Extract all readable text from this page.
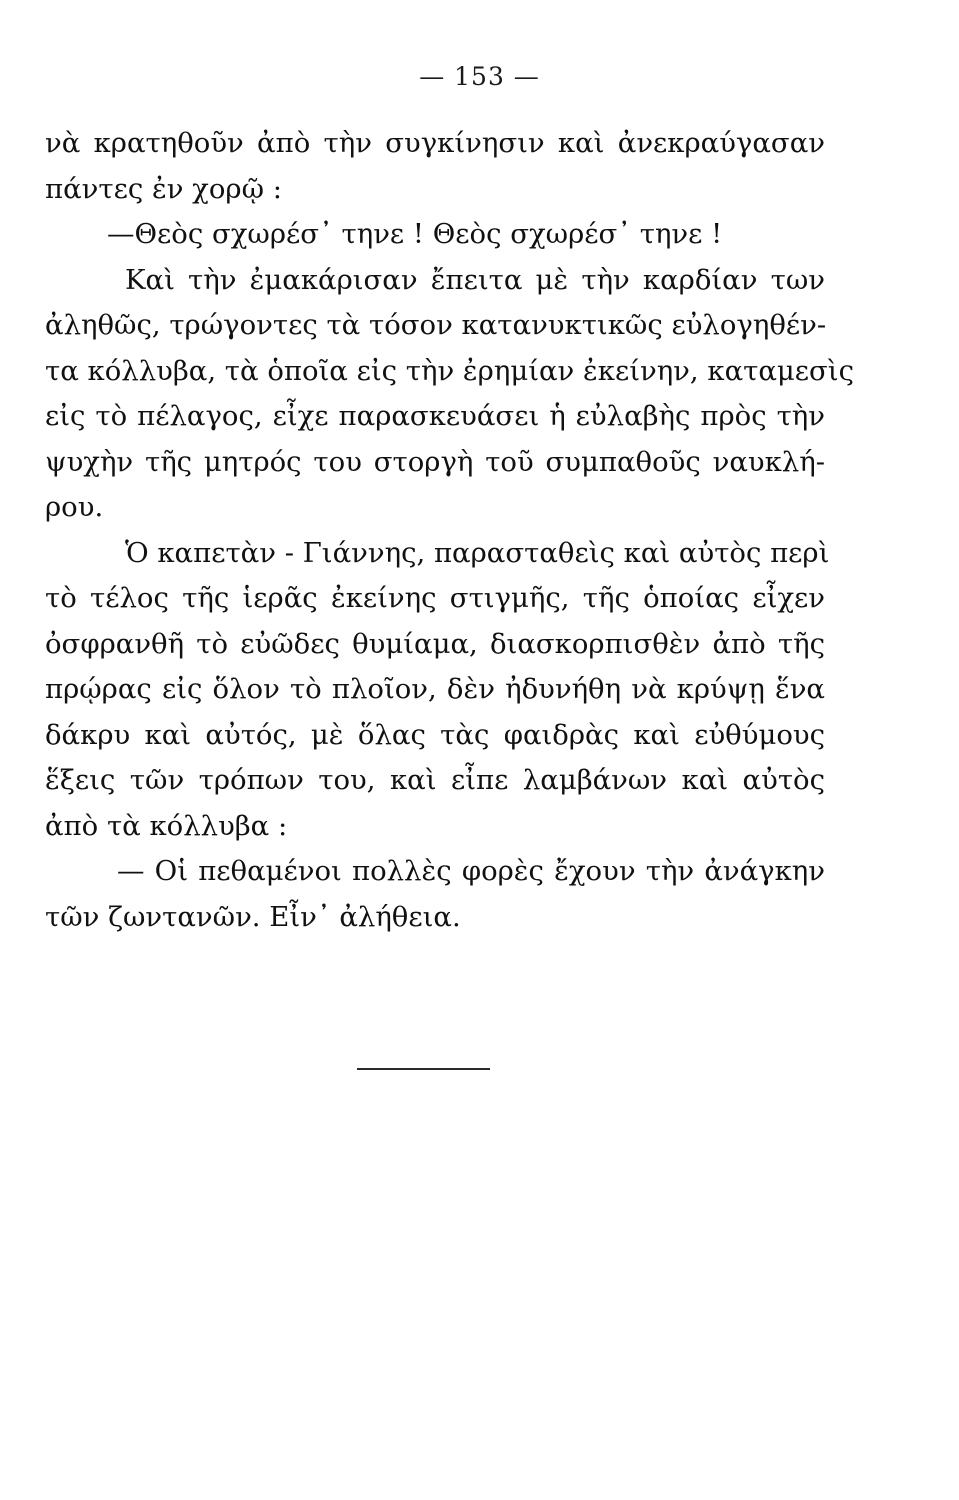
— 153 —
νὰ κρατηθοῦν ἀπὸ τὴν συγκίνησιν καὶ ἀνεκραύγασαν
πάντες ἐν χορῷ :
—Θεὸς σχωρέσ᾽ τηνε ! Θεὸς σχωρέσ᾽ τηνε !
Καὶ τὴν ἐμακάρισαν ἔπειτα μὲ τὴν καρδίαν των
ἀληθῶς, τρώγοντες τὰ τόσον κατανυκτικῶς εὐλογηθέν-
τα κόλλυβα, τὰ ὁποῖα εἰς τὴν ἐρημίαν ἐκείνην, καταμεσὶς
εἰς τὸ πέλαγος, εἶχε παρασκευάσει ἡ εὐλαβὴς πρὸς τὴν
ψυχὴν τῆς μητρός του στοργὴ τοῦ συμπαθοῦς ναυκλή-
ρου.
Ὁ καπετὰν - Γιάννης, παρασταθεὶς καὶ αὐτὸς περὶ
τὸ τέλος τῆς ἱερᾶς ἐκείνης στιγμῆς, τῆς ὁποίας εἶχεν
ὀσφρανθῆ τὸ εὐῶδες θυμίαμα, διασκορπισθὲν ἀπὸ τῆς
πρῴρας εἰς ὅλον τὸ πλοῖον, δὲν ἠδυνήθη νὰ κρύψῃ ἕνα
δάκρυ καὶ αὐτός, μὲ ὅλας τὰς φαιδρὰς καὶ εὐθύμους
ἕξεις τῶν τρόπων του, καὶ εἶπε λαμβάνων καὶ αὐτὸς
ἀπὸ τὰ κόλλυβα :
— Οἱ πεθαμένοι πολλὲς φορὲς ἔχουν τὴν ἀνάγκην
τῶν ζωντανῶν. Εἶν᾽ ἀλήθεια.
